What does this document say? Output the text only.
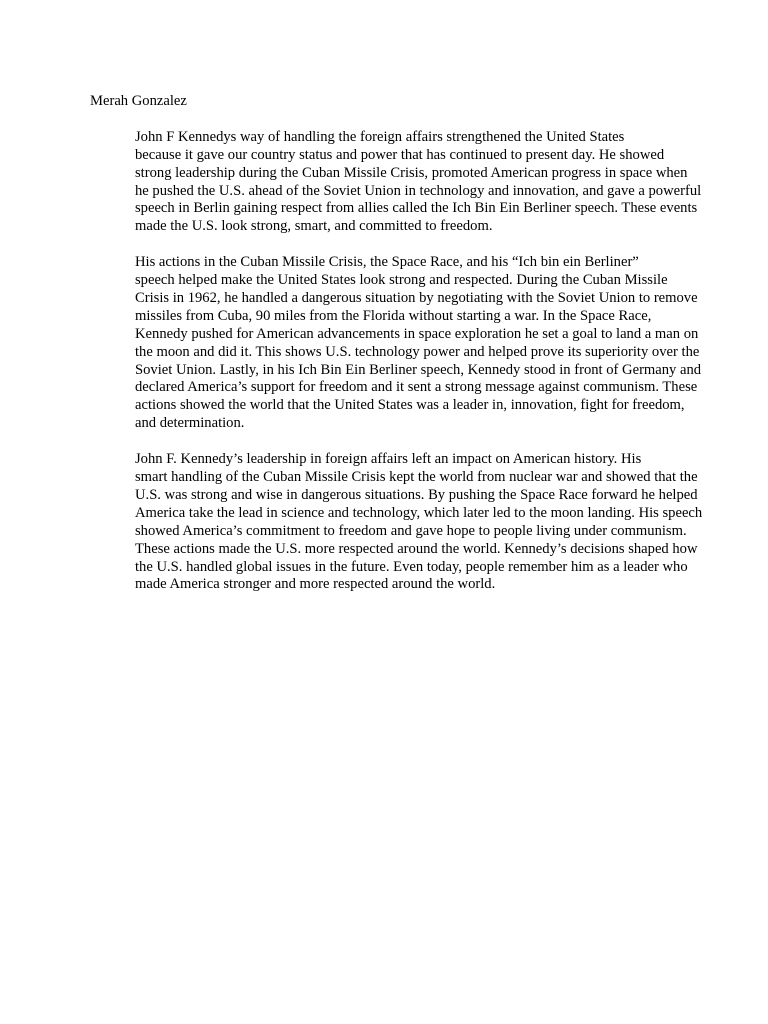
Merah Gonzalez

John F Kennedys way of handling the foreign affairs strengthened the United States
because it gave our country status and power that has continued to present day. He showed
strong leadership during the Cuban Missile Crisis, promoted American progress in space when
he pushed the U.S. ahead of the Soviet Union in technology and innovation, and gave a powerful
speech in Berlin gaining respect from allies called the Ich Bin Ein Berliner speech. These events
made the U.S. look strong, smart, and committed to freedom.

His actions in the Cuban Missile Crisis, the Space Race, and his “Ich bin ein Berliner”
speech helped make the United States look strong and respected. During the Cuban Missile
Crisis in 1962, he handled a dangerous situation by negotiating with the Soviet Union to remove
missiles from Cuba, 90 miles from the Florida without starting a war. In the Space Race,
Kennedy pushed for American advancements in space exploration he set a goal to land a man on
the moon and did it. This shows U.S. technology power and helped prove its superiority over the
Soviet Union. Lastly, in his Ich Bin Ein Berliner speech, Kennedy stood in front of Germany and
declared America’s support for freedom and it sent a strong message against communism. These
actions showed the world that the United States was a leader in, innovation, fight for freedom,
and determination.

John F. Kennedy’s leadership in foreign affairs left an impact on American history. His
smart handling of the Cuban Missile Crisis kept the world from nuclear war and showed that the
U.S. was strong and wise in dangerous situations. By pushing the Space Race forward he helped
America take the lead in science and technology, which later led to the moon landing. His speech
showed America’s commitment to freedom and gave hope to people living under communism.
These actions made the U.S. more respected around the world. Kennedy’s decisions shaped how
the U.S. handled global issues in the future. Even today, people remember him as a leader who
made America stronger and more respected around the world.
